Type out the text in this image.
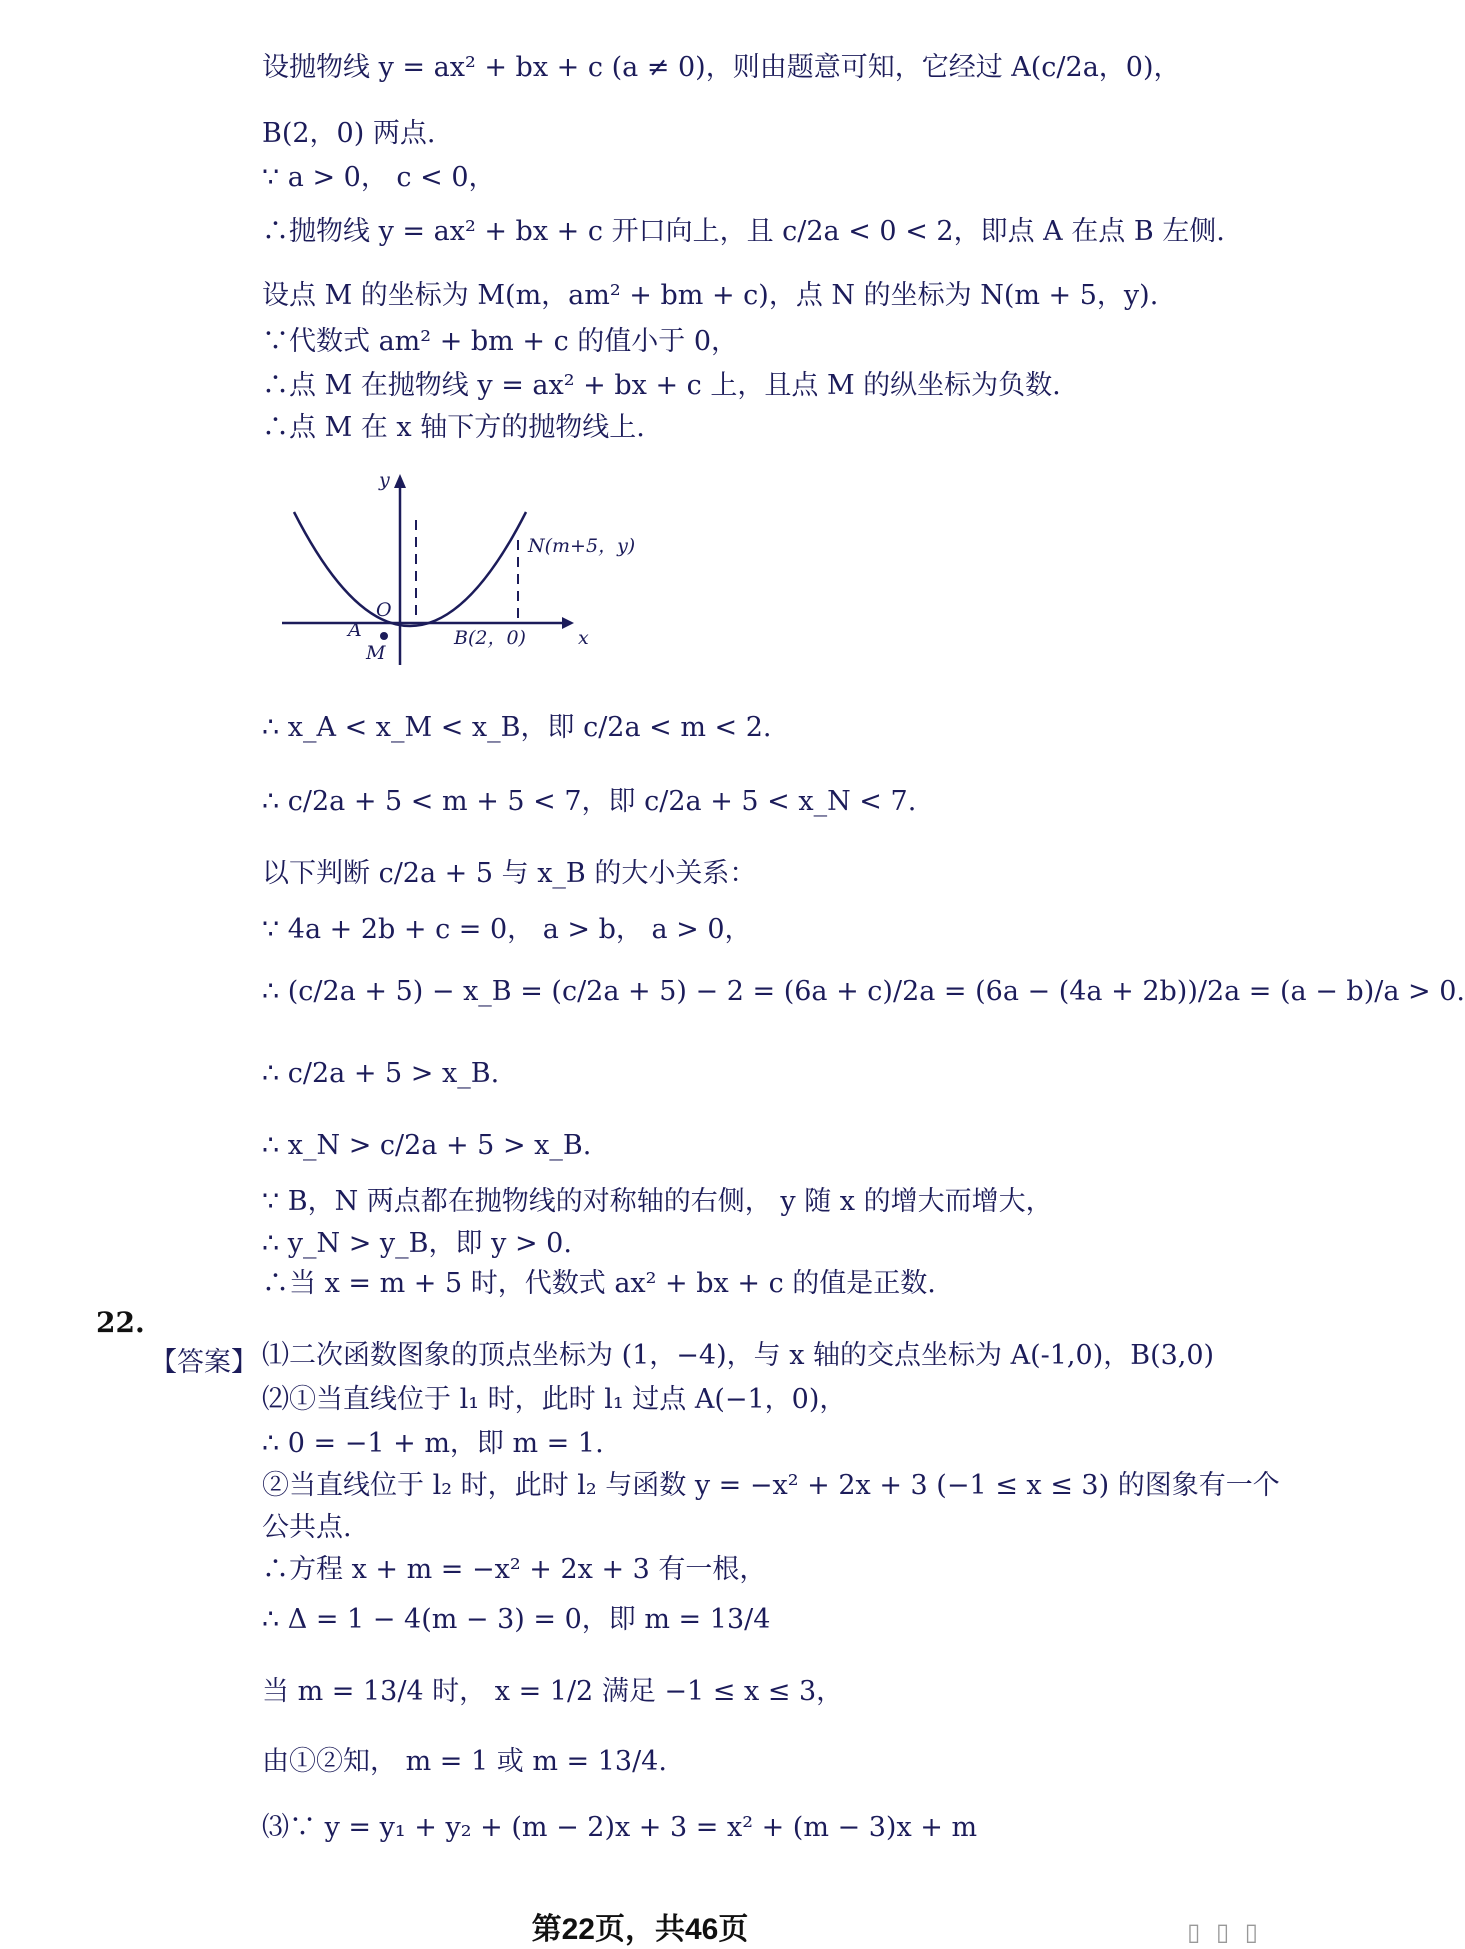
设抛物线 y = ax² + bx + c (a ≠ 0)，则由题意可知，它经过 A(c/2a，0)，
B(2，0) 两点.
∵ a > 0， c < 0，
∴抛物线 y = ax² + bx + c 开口向上，且 c/2a < 0 < 2，即点 A 在点 B 左侧.
设点 M 的坐标为 M(m，am² + bm + c)，点 N 的坐标为 N(m + 5，y).
∵代数式 am² + bm + c 的值小于 0，
∴点 M 在抛物线 y = ax² + bx + c 上，且点 M 的纵坐标为负数.
∴点 M 在 x 轴下方的抛物线上.
y
x
O
A
M
B(2，0)
N(m+5，y)
∴ x_A < x_M < x_B，即 c/2a < m < 2.
∴ c/2a + 5 < m + 5 < 7，即 c/2a + 5 < x_N < 7.
以下判断 c/2a + 5 与 x_B 的大小关系：
∵ 4a + 2b + c = 0， a > b， a > 0，
∴ (c/2a + 5) − x_B = (c/2a + 5) − 2 = (6a + c)/2a = (6a − (4a + 2b))/2a = (a − b)/a > 0.
∴ c/2a + 5 > x_B.
∴ x_N > c/2a + 5 > x_B.
∵ B，N 两点都在抛物线的对称轴的右侧， y 随 x 的增大而增大，
∴ y_N > y_B，即 y > 0.
∴当 x = m + 5 时，代数式 ax² + bx + c 的值是正数.
22.
【答案】 ⑴二次函数图象的顶点坐标为 (1，−4)，与 x 轴的交点坐标为 A(-1,0)，B(3,0)
⑵①当直线位于 l₁ 时，此时 l₁ 过点 A(−1，0)，
∴ 0 = −1 + m，即 m = 1.
②当直线位于 l₂ 时，此时 l₂ 与函数 y = −x² + 2x + 3 (−1 ≤ x ≤ 3) 的图象有一个
公共点.
∴方程 x + m = −x² + 2x + 3 有一根，
∴ Δ = 1 − 4(m − 3) = 0，即 m = 13/4
当 m = 13/4 时， x = 1/2 满足 −1 ≤ x ≤ 3，
由①②知， m = 1 或 m = 13/4.
⑶∵ y = y₁ + y₂ + (m − 2)x + 3 = x² + (m − 3)x + m
第22页，共46页	▯ ▯ ▯
